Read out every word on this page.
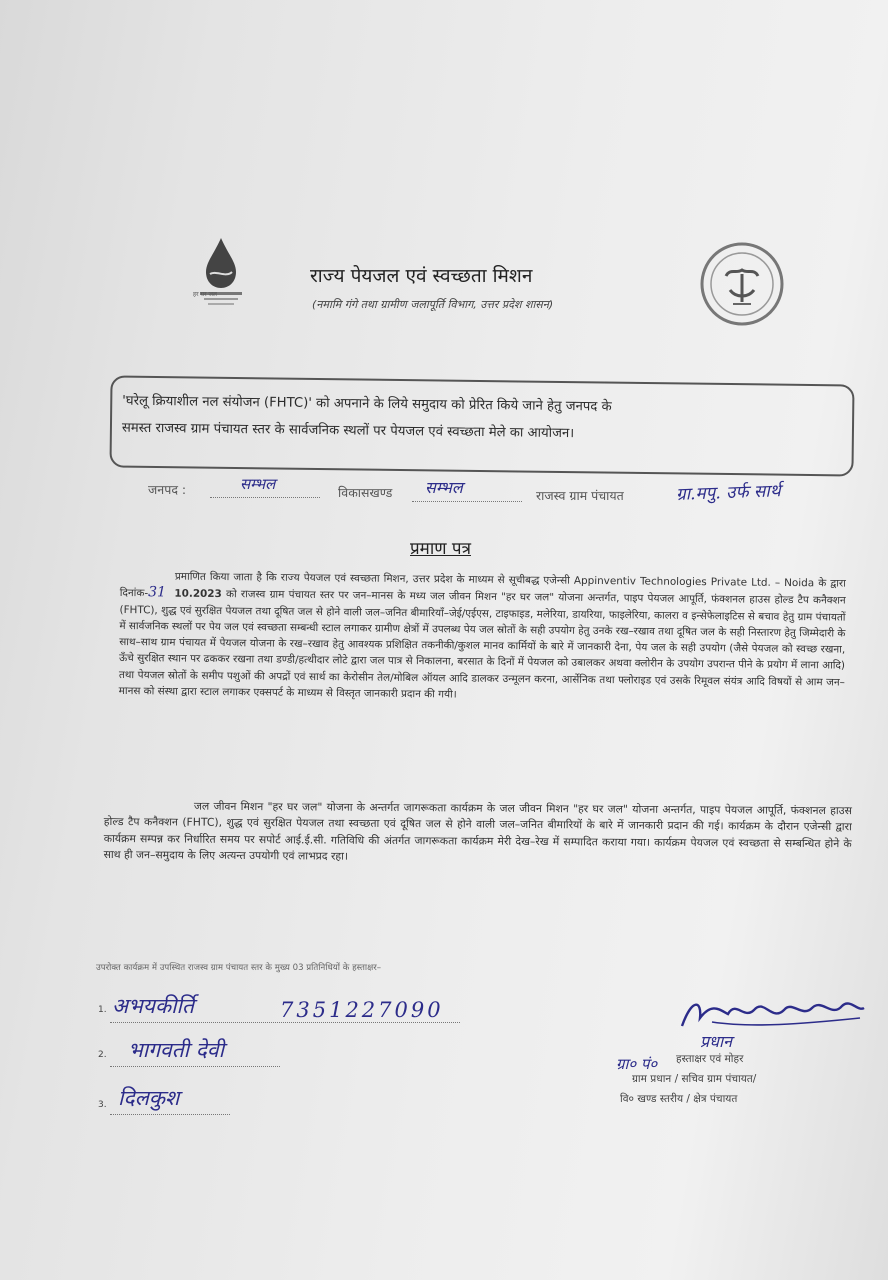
हर घर जल
राज्य पेयजल एवं स्वच्छता मिशन
(नमामि गंगे तथा ग्रामीण जलापूर्ति विभाग, उत्तर प्रदेश शासन)
'घरेलू क्रियाशील नल संयोजन (FHTC)' को अपनाने के लिये समुदाय को प्रेरित किये जाने हेतु जनपद के
समस्त राजस्व ग्राम पंचायत स्तर के सार्वजनिक स्थलों पर पेयजल एवं स्वच्छता मेले का आयोजन।
जनपद :	सम्भल	विकासखण्ड सम्भल	राजस्व ग्राम पंचायत	ग्रा.मपु. उर्फ सार्थ
प्रमाण पत्र
प्रमाणित किया जाता है कि राज्य पेयजल एवं स्वच्छता मिशन, उत्तर प्रदेश के माध्यम से सूचीबद्ध एजेन्सी Appinventiv Technologies Private Ltd. – Noida के द्वारा दिनांक-31 10.2023 को राजस्व ग्राम पंचायत स्तर पर जन–मानस के मध्य जल जीवन मिशन "हर घर जल" योजना अन्तर्गत, पाइप पेयजल आपूर्ति, फंक्शनल हाउस होल्ड टैप कनैक्शन (FHTC), शुद्ध एवं सुरक्षित पेयजल तथा दूषित जल से होने वाली जल–जनित बीमारियाँ–जेई/एईएस, टाइफाइड, मलेरिया, डायरिया, फाइलेरिया, कालरा व इन्सेफेलाइटिस से बचाव हेतु ग्राम पंचायतों में सार्वजनिक स्थलों पर पेय जल एवं स्वच्छता सम्बन्धी स्टाल लगाकर ग्रामीण क्षेत्रों में उपलब्ध पेय जल स्रोतों के सही उपयोग हेतु उनके रख–रखाव तथा दूषित जल के सही निस्तारण हेतु जिम्मेदारी के साथ–साथ ग्राम पंचायत में पेयजल योजना के रख–रखाव हेतु आवश्यक प्रशिक्षित तकनीकी/कुशल मानव कार्मियों के बारे में जानकारी देना, पेय जल के सही उपयोग (जैसे पेयजल को स्वच्छ रखना, ऊँचे सुरक्षित स्थान पर ढककर रखना तथा डण्डी/हत्थीदार लोटे द्वारा जल पात्र से निकालना, बरसात के दिनों में पेयजल को उबालकर अथवा क्लोरीन के उपयोग उपरान्त पीने के प्रयोग में लाना आदि) तथा पेयजल स्रोतों के समीप पशुओं की अपद्रों एवं सार्थ का केरोसीन तेल/मोबिल ऑयल आदि डालकर उन्मूलन करना, आर्सेनिक तथा फ्लोराइड एवं उसके रिमूवल संयंत्र आदि विषयों से आम जन–मानस को संस्था द्वारा स्टाल लगाकर एक्सपर्ट के माध्यम से विस्तृत जानकारी प्रदान की गयी।
जल जीवन मिशन "हर घर जल" योजना के अन्तर्गत जागरूकता कार्यक्रम के जल जीवन मिशन "हर घर जल" योजना अन्तर्गत, पाइप पेयजल आपूर्ति, फंक्शनल हाउस होल्ड टैप कनैक्शन (FHTC), शुद्ध एवं सुरक्षित पेयजल तथा स्वच्छता एवं दूषित जल से होने वाली जल–जनित बीमारियों के बारे में जानकारी प्रदान की गई। कार्यक्रम के दौरान एजेन्सी द्वारा कार्यक्रम सम्पन्न कर निर्धारित समय पर सपोर्ट आई.ई.सी. गतिविधि की अंतर्गत जागरूकता कार्यक्रम मेरी देख–रेख में सम्पादित कराया गया। कार्यक्रम पेयजल एवं स्वच्छता से सम्बन्धित होने के साथ ही जन–समुदाय के लिए अत्यन्त उपयोगी एवं लाभप्रद रहा।
उपरोक्त कार्यक्रम में उपस्थित राजस्व ग्राम पंचायत स्तर के मुख्य 03 प्रतिनिधियों के हस्ताक्षर–
1. अभयकीर्ति	7351227090
2. भागवती देवी
3. दिलकुश
प्रधान
हस्ताक्षर एवं मोहर
ग्रा० पं०
ग्राम प्रधान / सचिव ग्राम पंचायत/
वि० खण्ड स्तरीय / क्षेत्र पंचायत
